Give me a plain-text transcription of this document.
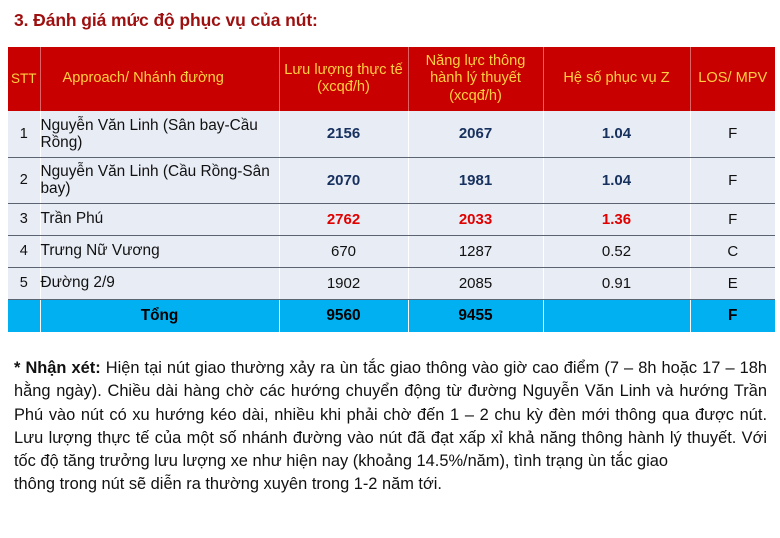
3. Đánh giá mức độ phục vụ của nút:
STT	Approach/ Nhánh đường	Lưu lượng thực tế (xcqđ/h)	Năng lực thông hành lý thuyết (xcqđ/h)	Hệ số phục vụ Z	LOS/ MPV
1	Nguyễn Văn Linh (Sân bay-Cầu Rồng)	2156	2067	1.04	F
2	Nguyễn Văn Linh (Cầu Rồng-Sân bay)	2070	1981	1.04	F
3	Trần Phú	2762	2033	1.36	F
4	Trưng Nữ Vương	670	1287	0.52	C
5	Đường 2/9	1902	2085	0.91	E
	Tổng	9560	9455		F
* Nhận xét: Hiện tại nút giao thường xảy ra ùn tắc giao thông vào giờ cao điểm (7 – 8h hoặc 17 – 18h hằng ngày). Chiều dài hàng chờ các hướng chuyển động từ đường Nguyễn Văn Linh và hướng Trần Phú vào nút có xu hướng kéo dài, nhiều khi phải chờ đến 1 – 2 chu kỳ đèn mới thông qua được nút. Lưu lượng thực tế của một số nhánh đường vào nút đã đạt xấp xỉ khả năng thông hành lý thuyết. Với tốc độ tăng trưởng lưu lượng xe như hiện nay (khoảng 14.5%/năm), tình trạng ùn tắc giao
thông trong nút sẽ diễn ra thường xuyên trong 1-2 năm tới.
